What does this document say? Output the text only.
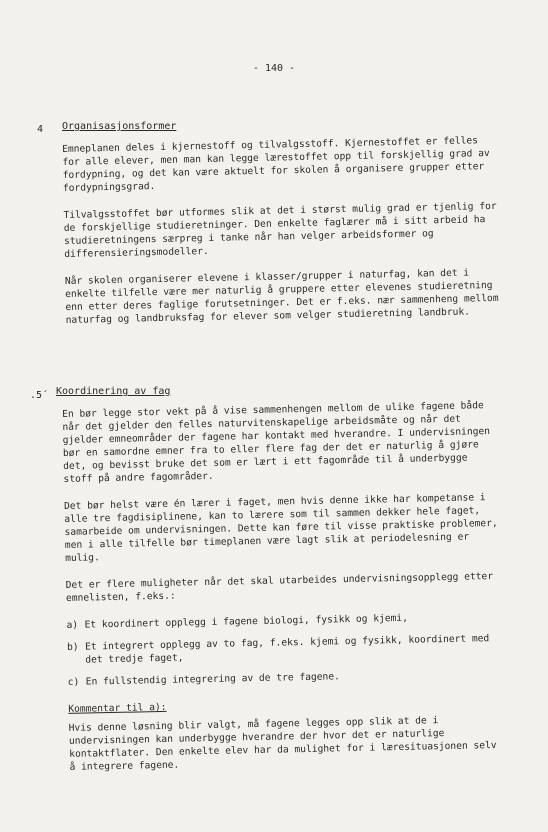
- 140 -
4 Organisasjonsformer

Emneplanen deles i kjernestoff og tilvalgsstoff. Kjernestoffet er felles for alle elever, men man kan legge lærestoffet opp til forskjellig grad av fordypning, og det kan være aktuelt for skolen å organisere grupper etter fordypningsgrad.

Tilvalgsstoffet bør utformes slik at det i størst mulig grad er tjenlig for de forskjellige studieretninger. Den enkelte faglærer må i sitt arbeid ha studieretningens særpreg i tanke når han velger arbeidsformer og differensieringsmodeller.

Når skolen organiserer elevene i klasser/grupper i naturfag, kan det i enkelte tilfelle være mer naturlig å gruppere etter elevenes studieretning enn etter deres faglige forutsetninger. Det er f.eks. nær sammenheng mellom naturfag og landbruksfag for elever som velger studieretning landbruk.

.5´ Koordinering av fag

En bør legge stor vekt på å vise sammenhengen mellom de ulike fagene både når det gjelder den felles naturvitenskapelige arbeidsmåte og når det gjelder emneområder der fagene har kontakt med hverandre. I undervisningen bør en samordne emner fra to eller flere fag der det er naturlig å gjøre det, og bevisst bruke det som er lært i ett fagområde til å underbygge stoff på andre fagområder.

Det bør helst være én lærer i faget, men hvis denne ikke har kompetanse i alle tre fagdisiplinene, kan to lærere som til sammen dekker hele faget, samarbeide om undervisningen. Dette kan føre til visse praktiske problemer, men i alle tilfelle bør timeplanen være lagt slik at periodelesning er mulig.

Det er flere muligheter når det skal utarbeides undervisningsopplegg etter emnelisten, f.eks.:

a) Et koordinert opplegg i fagene biologi, fysikk og kjemi,
b) Et integrert opplegg av to fag, f.eks. kjemi og fysikk, koordinert med det tredje faget,
c) En fullstendig integrering av de tre fagene.

Kommentar til a):

Hvis denne løsning blir valgt, må fagene legges opp slik at de i undervisningen kan underbygge hverandre der hvor det er naturlige kontaktflater. Den enkelte elev har da mulighet for i læresituasjonen selv å integrere fagene.
